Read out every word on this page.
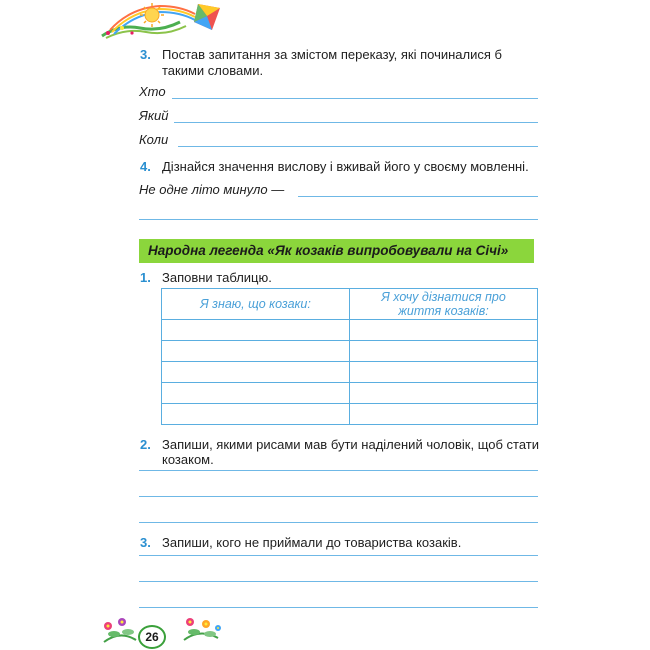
3. Постав запитання за змістом переказу, які починалися б
такими словами.
Хто
Який
Коли
4. Дізнайся значення вислову і вживай його у своєму мовленні.
Не одне літо минуло —
Народна легенда «Як козаків випробовували на Січі»
1. Заповни таблицю.
Я знаю, що козаки:	Я хочу дізнатися про
життя козаків:

2. Запиши, якими рисами мав бути наділений чоловік, щоб стати
козаком.
3. Запиши, кого не приймали до товариства козаків.
26
